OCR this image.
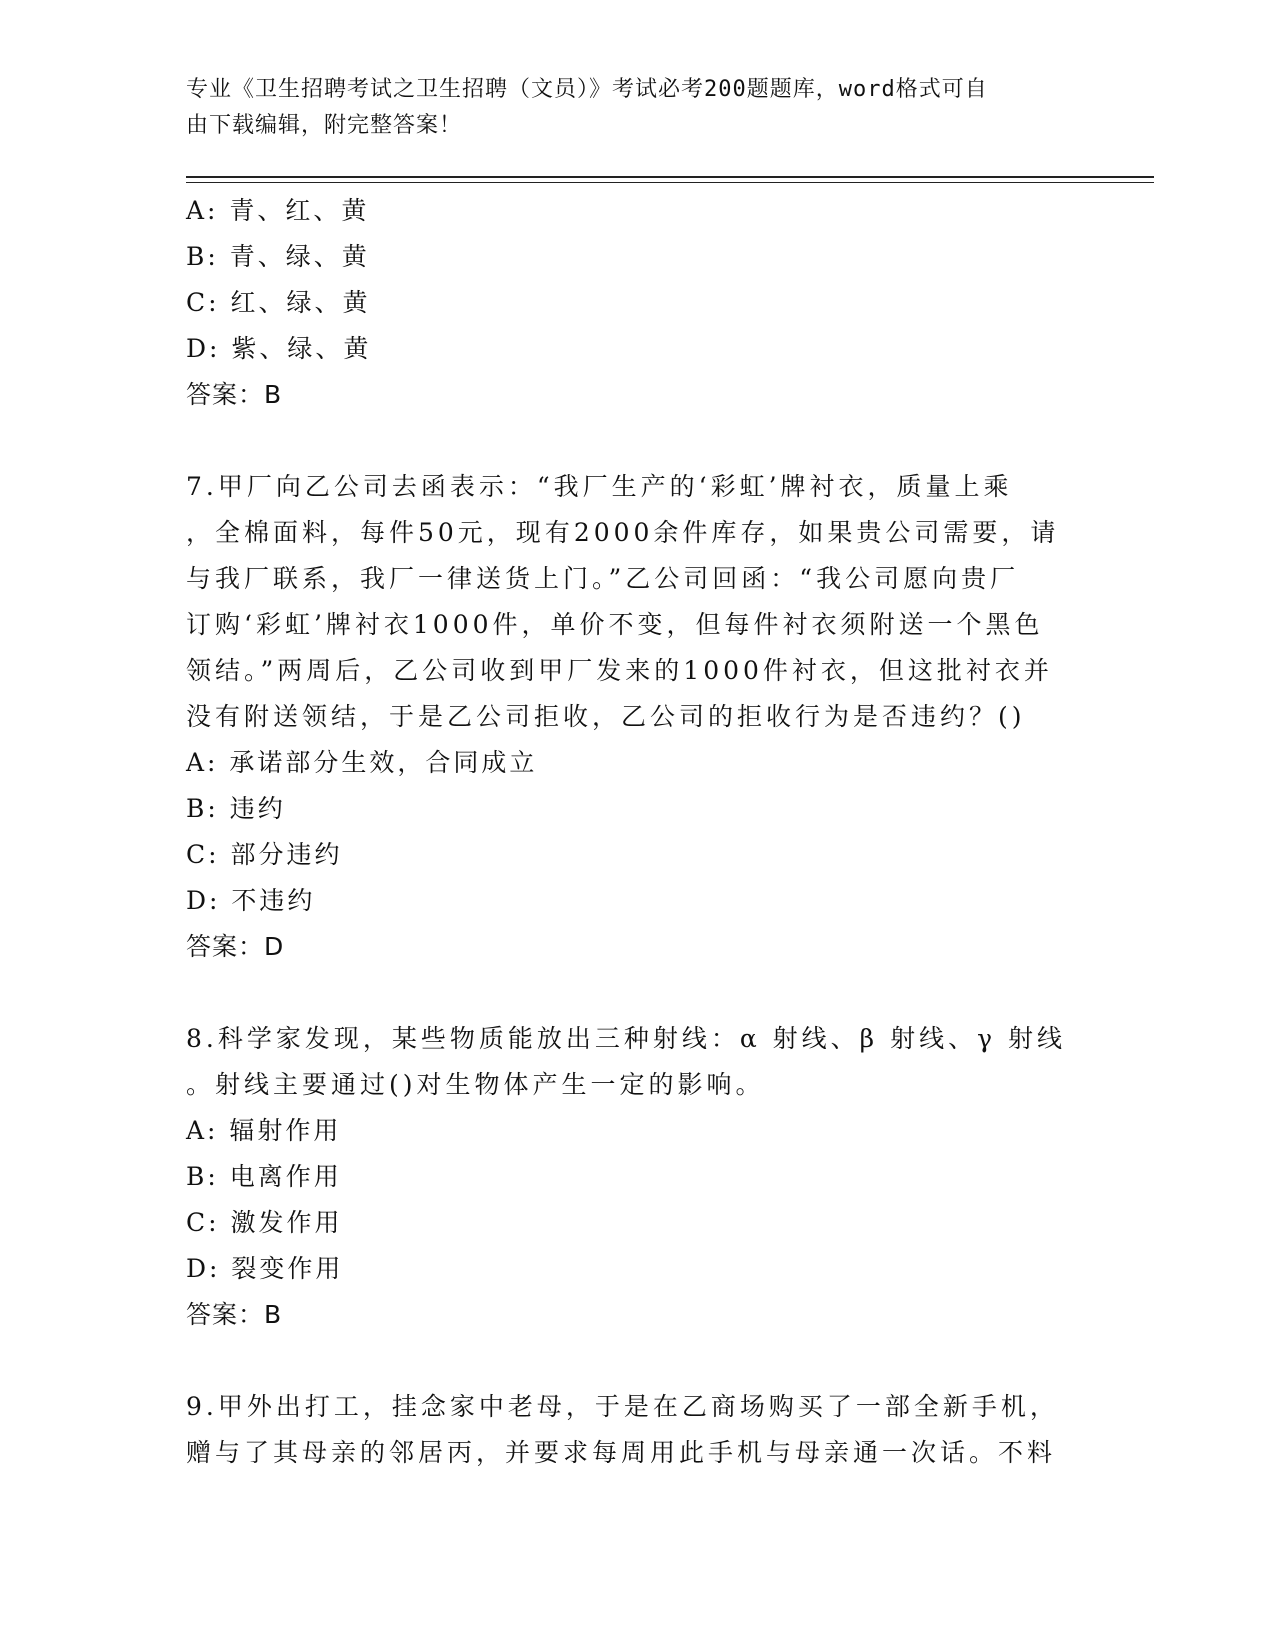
专业《卫生招聘考试之卫生招聘（文员）》考试必考200题题库，word格式可自
由下载编辑，附完整答案！
A: 青、红、黄
B: 青、绿、黄
C: 红、绿、黄
D: 紫、绿、黄
答案：B
7.甲厂向乙公司去函表示：“我厂生产的‘彩虹’牌衬衣，质量上乘
，全棉面料，每件50元，现有2000余件库存，如果贵公司需要，请
与我厂联系，我厂一律送货上门。”乙公司回函：“我公司愿向贵厂
订购‘彩虹’牌衬衣1000件，单价不变，但每件衬衣须附送一个黑色
领结。”两周后，乙公司收到甲厂发来的1000件衬衣，但这批衬衣并
没有附送领结，于是乙公司拒收，乙公司的拒收行为是否违约？()
A: 承诺部分生效，合同成立
B: 违约
C: 部分违约
D: 不违约
答案：D
8.科学家发现，某些物质能放出三种射线：α 射线、β 射线、γ 射线
。射线主要通过()对生物体产生一定的影响。
A: 辐射作用
B: 电离作用
C: 激发作用
D: 裂变作用
答案：B
9.甲外出打工，挂念家中老母，于是在乙商场购买了一部全新手机，
赠与了其母亲的邻居丙，并要求每周用此手机与母亲通一次话。不料
